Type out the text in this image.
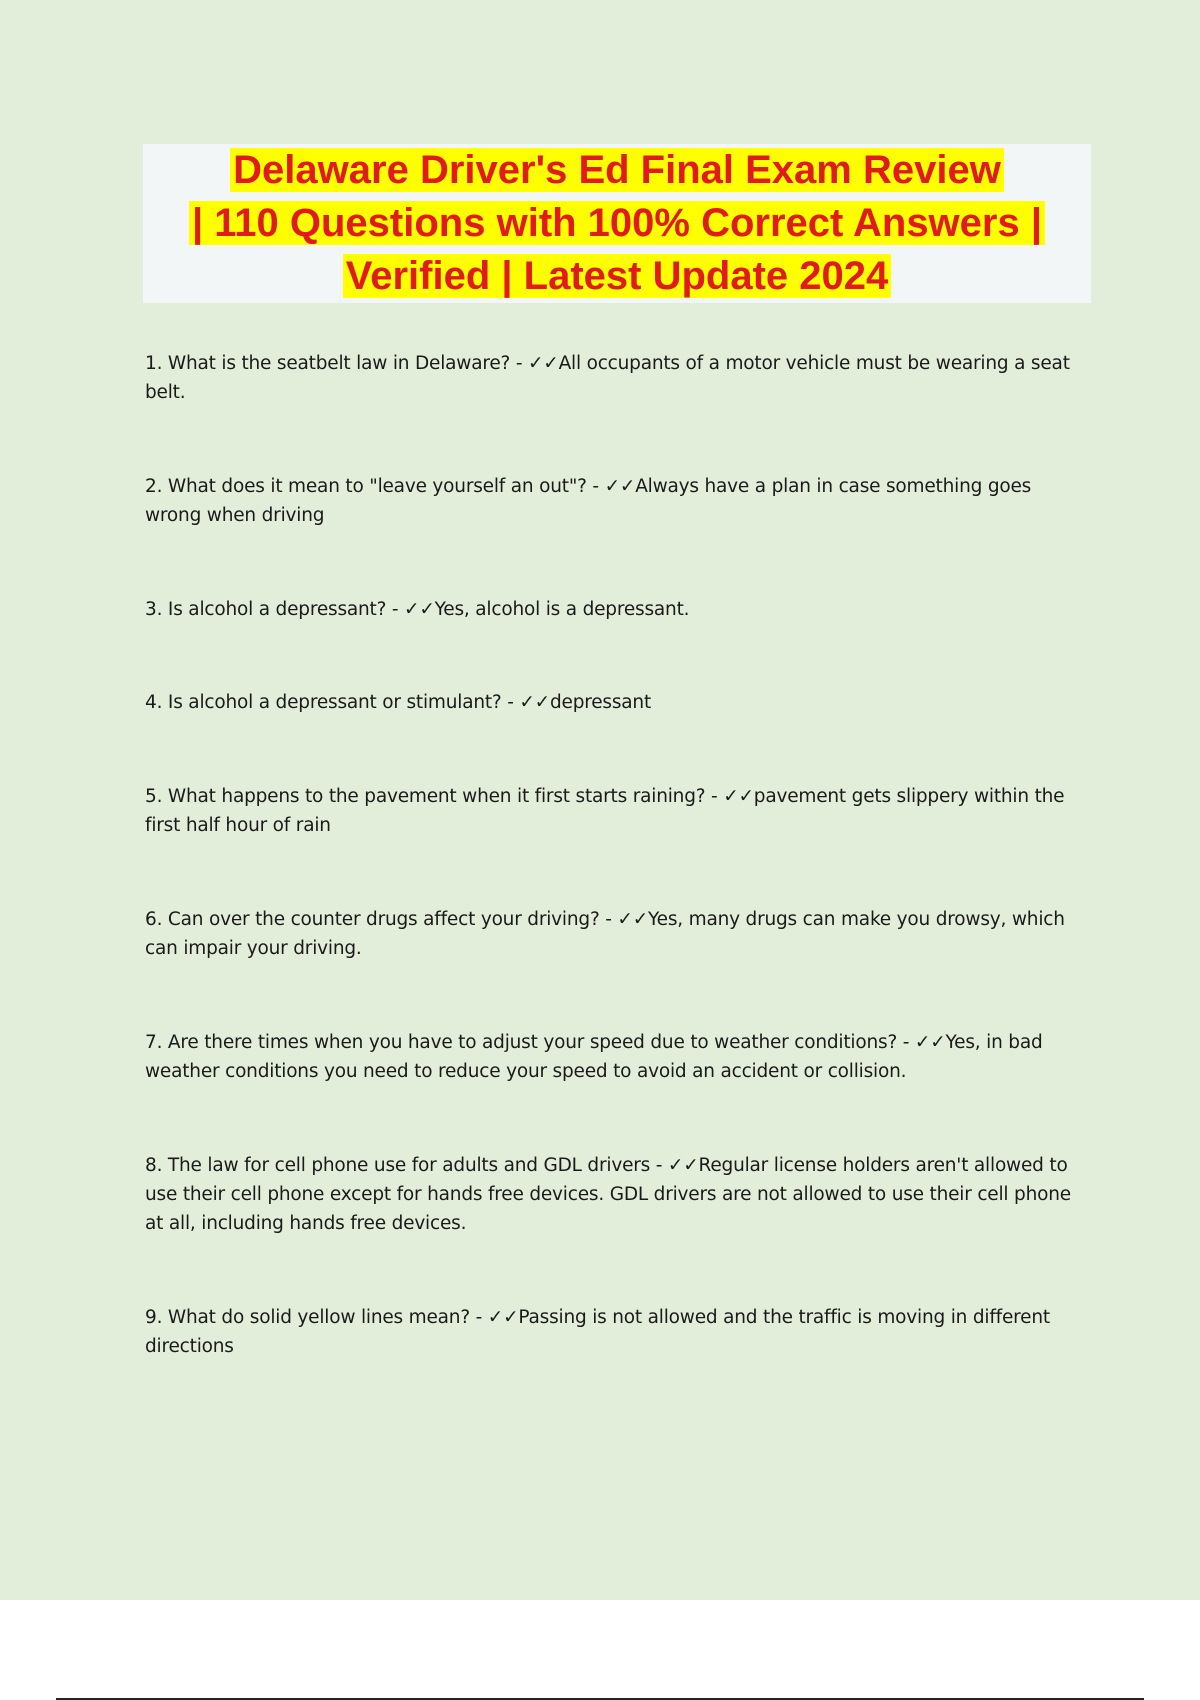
Delaware Driver's Ed Final Exam Review
| 110 Questions with 100% Correct Answers |
Verified | Latest Update 2024

1. What is the seatbelt law in Delaware? - ✓✓All occupants of a motor vehicle must be wearing a seat belt.
2. What does it mean to "leave yourself an out"? - ✓✓Always have a plan in case something goes wrong when driving
3. Is alcohol a depressant? - ✓✓Yes, alcohol is a depressant.
4. Is alcohol a depressant or stimulant? - ✓✓depressant
5. What happens to the pavement when it first starts raining? - ✓✓pavement gets slippery within the first half hour of rain
6. Can over the counter drugs affect your driving? - ✓✓Yes, many drugs can make you drowsy, which can impair your driving.
7. Are there times when you have to adjust your speed due to weather conditions? - ✓✓Yes, in bad weather conditions you need to reduce your speed to avoid an accident or collision.
8. The law for cell phone use for adults and GDL drivers - ✓✓Regular license holders aren't allowed to use their cell phone except for hands free devices. GDL drivers are not allowed to use their cell phone at all, including hands free devices.
9. What do solid yellow lines mean? - ✓✓Passing is not allowed and the traffic is moving in different directions
